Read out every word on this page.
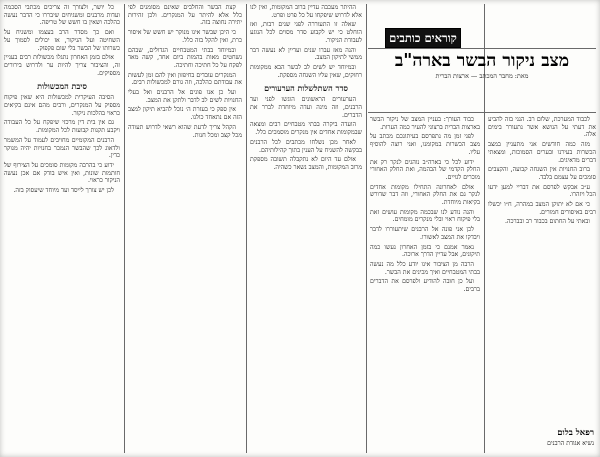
כל יושר, ולצורך זה צריכים מכתבי הסכמה ועדות מרבנים ומשגיחים שיבררו כי הדבר נעשה כהלכה ושאין בו חשש של טריפה.

ואם כך מסדר הרב בעצמו ומשגיח על השחיטה ועל הניקור, אז יכולים לסמוך על כשרותו של הבשר בלי שום פקפוק.

אולם בזמן האחרון נתגלו מכשולות רבים בעניין זה, והציבור צריך להיות ער ולדרוש בירורים מספיקים.

סיבת המכשולות

הסיבה העיקרית למכשולות היא שאין פיקוח מספיק על המנקרים, ורבים מהם אינם בקיאים כראוי בהלכות ניקור.

גם אין בית דין מרכזי שיפקח על כל העבודה ויקבע תקנות קבועות לכל המקומות.

הרבנים המקומיים מחויבים לעמוד על המשמר ולדאוג לכך שהבשר הנמכר בחנויות יהיה מנוקר כדין.

ידוע כי בהרבה מקומות סומכים על הצירוף של חותמות שונות, ואין איש בודק אם אכן נעשה הניקור כראוי.

לכן יש צורך לייסד ועד מיוחד שיעסוק בזה.

קצת הבשר והחלבים שאינם מסומנים לפי כלל אלא להיתר על המנקרים. ולכן זהירות יתירה נחוצה בזה.

כי היכן שבשר אינו מנוקר יש חשש של איסור כרת, ואין להקל בזה כלל.

ובמיוחד בבתי המטבחיים הגדולים, שבהם נשחטים מאות בהמות ביום אחד, קשה מאד לפקח על כל חתיכה וחתיכה.

המנקרים עובדים בחיפזון ואין להם זמן לעשות את עבודתם כהלכה, וזה גורם למכשולות רבים.

ועל כן אנו פונים אל הרבנים ואל בעלי החנויות לשים לב לדבר ולתקן את המצב.

אין ספק כי בעזרת ה׳ נוכל להביא תיקון למצב הזה אם נתאחד כולנו.

הקהל צריך לדעת שהוא רשאי לדרוש תעודה מכל קצב ומכל חנות.

ההיתר מעכבה עדיין ברוב המקומות, ואין לנו אלא לדרוש שיפקחו על כל פרט ופרט.

שאלה זו התעוררה לפני שנים רבות, ואז הוחלט כי יש לקבוע סדר מסוים לכל הנוגע לעבודת הניקור.

והנה מאז עברו שנים ועדיין לא נעשה דבר ממשי לתיקון המצב.

ובמיוחד יש לשים לב לבשר הבא ממקומות רחוקים, שאין עליו השגחה מספקת.

סדר השתלשלות הערעורים

הערעורים הראשונים הוגשו לפני ועד הרבנים, וזה מינה ועדה מיוחדת לברר את הדברים.

הועדה ביקרה בבתי מטבחיים רבים ומצאה שבמקומות אחדים אין מנקרים מוסמכים כלל.

לאחר מכן נשלחו מכתבים לכל הרבנים בבקשה להשגיח על הענין בתוך קהילותיהם.

אולם עד היום לא נתקבלה תשובה מספקת מרוב המקומות, והמצב נשאר כשהיה.

קוראים כותבים
מצב ניקור הבשר בארה"ב
מאת: מחבר המכתב — ארצות הברית

כבוד העורך: בעניין המצב של ניקור הבשר בארצות הברית ברצוני להעיר כמה הערות.

לפני זמן מה נתפרסם בעיתונכם מכתב על מצב הכשרות במקומנו, ואני רוצה להוסיף עליו.

ידוע לכל כי בארה״ב נוהגים לנקר רק את החלק הקדמי של הבהמה, ואת החלק האחורי מוכרים לגויים.

אולם לאחרונה התחילו מקומות אחדים לנקר גם את החלק האחורי, וזה דבר שדורש בקיאות מיוחדת.

והנה נודע לנו שבכמה מקומות עושים זאת בלי פיקוח ראוי ובלי מנקרים מומחים.

לכן אני פונה אל הרבנים שיתעוררו לדבר ויבדקו את המצב לאשורו.

נאמר אמנם כי בזמן האחרון נעשו כמה תיקונים, אבל עדיין הדרך ארוכה.

הרבה מן הציבור אינו יודע כלל מה נעשה בבתי המטבחיים ואיך מכינים את הבשר.

ועל כן חובה להודיע ולפרסם את הדברים ברבים.

לכבוד המערכת, שלום רב. הנני בזה להביע את דעתי על הנושא אשר נתעורר בימים אלה.

מזה כמה חודשים אני מתעניין במצב הכשרות בעירנו ובערים הסמוכות, ומצאתי דברים מדאיגים.

ברוב החנויות אין השגחה קבועה, והקצבים סומכים על עצמם בלבד.

ע״כ אבקש לפרסם את דבריי למען ידעו הכל ויזהרו.

כי אם לא יתוקן המצב במהרה, ח״ו יכשלו רבים באיסורים חמורים.

ובאתי על החתום בכבוד רב ובברכה.

רפאל בלום
נשיא אגודת הרבנים
